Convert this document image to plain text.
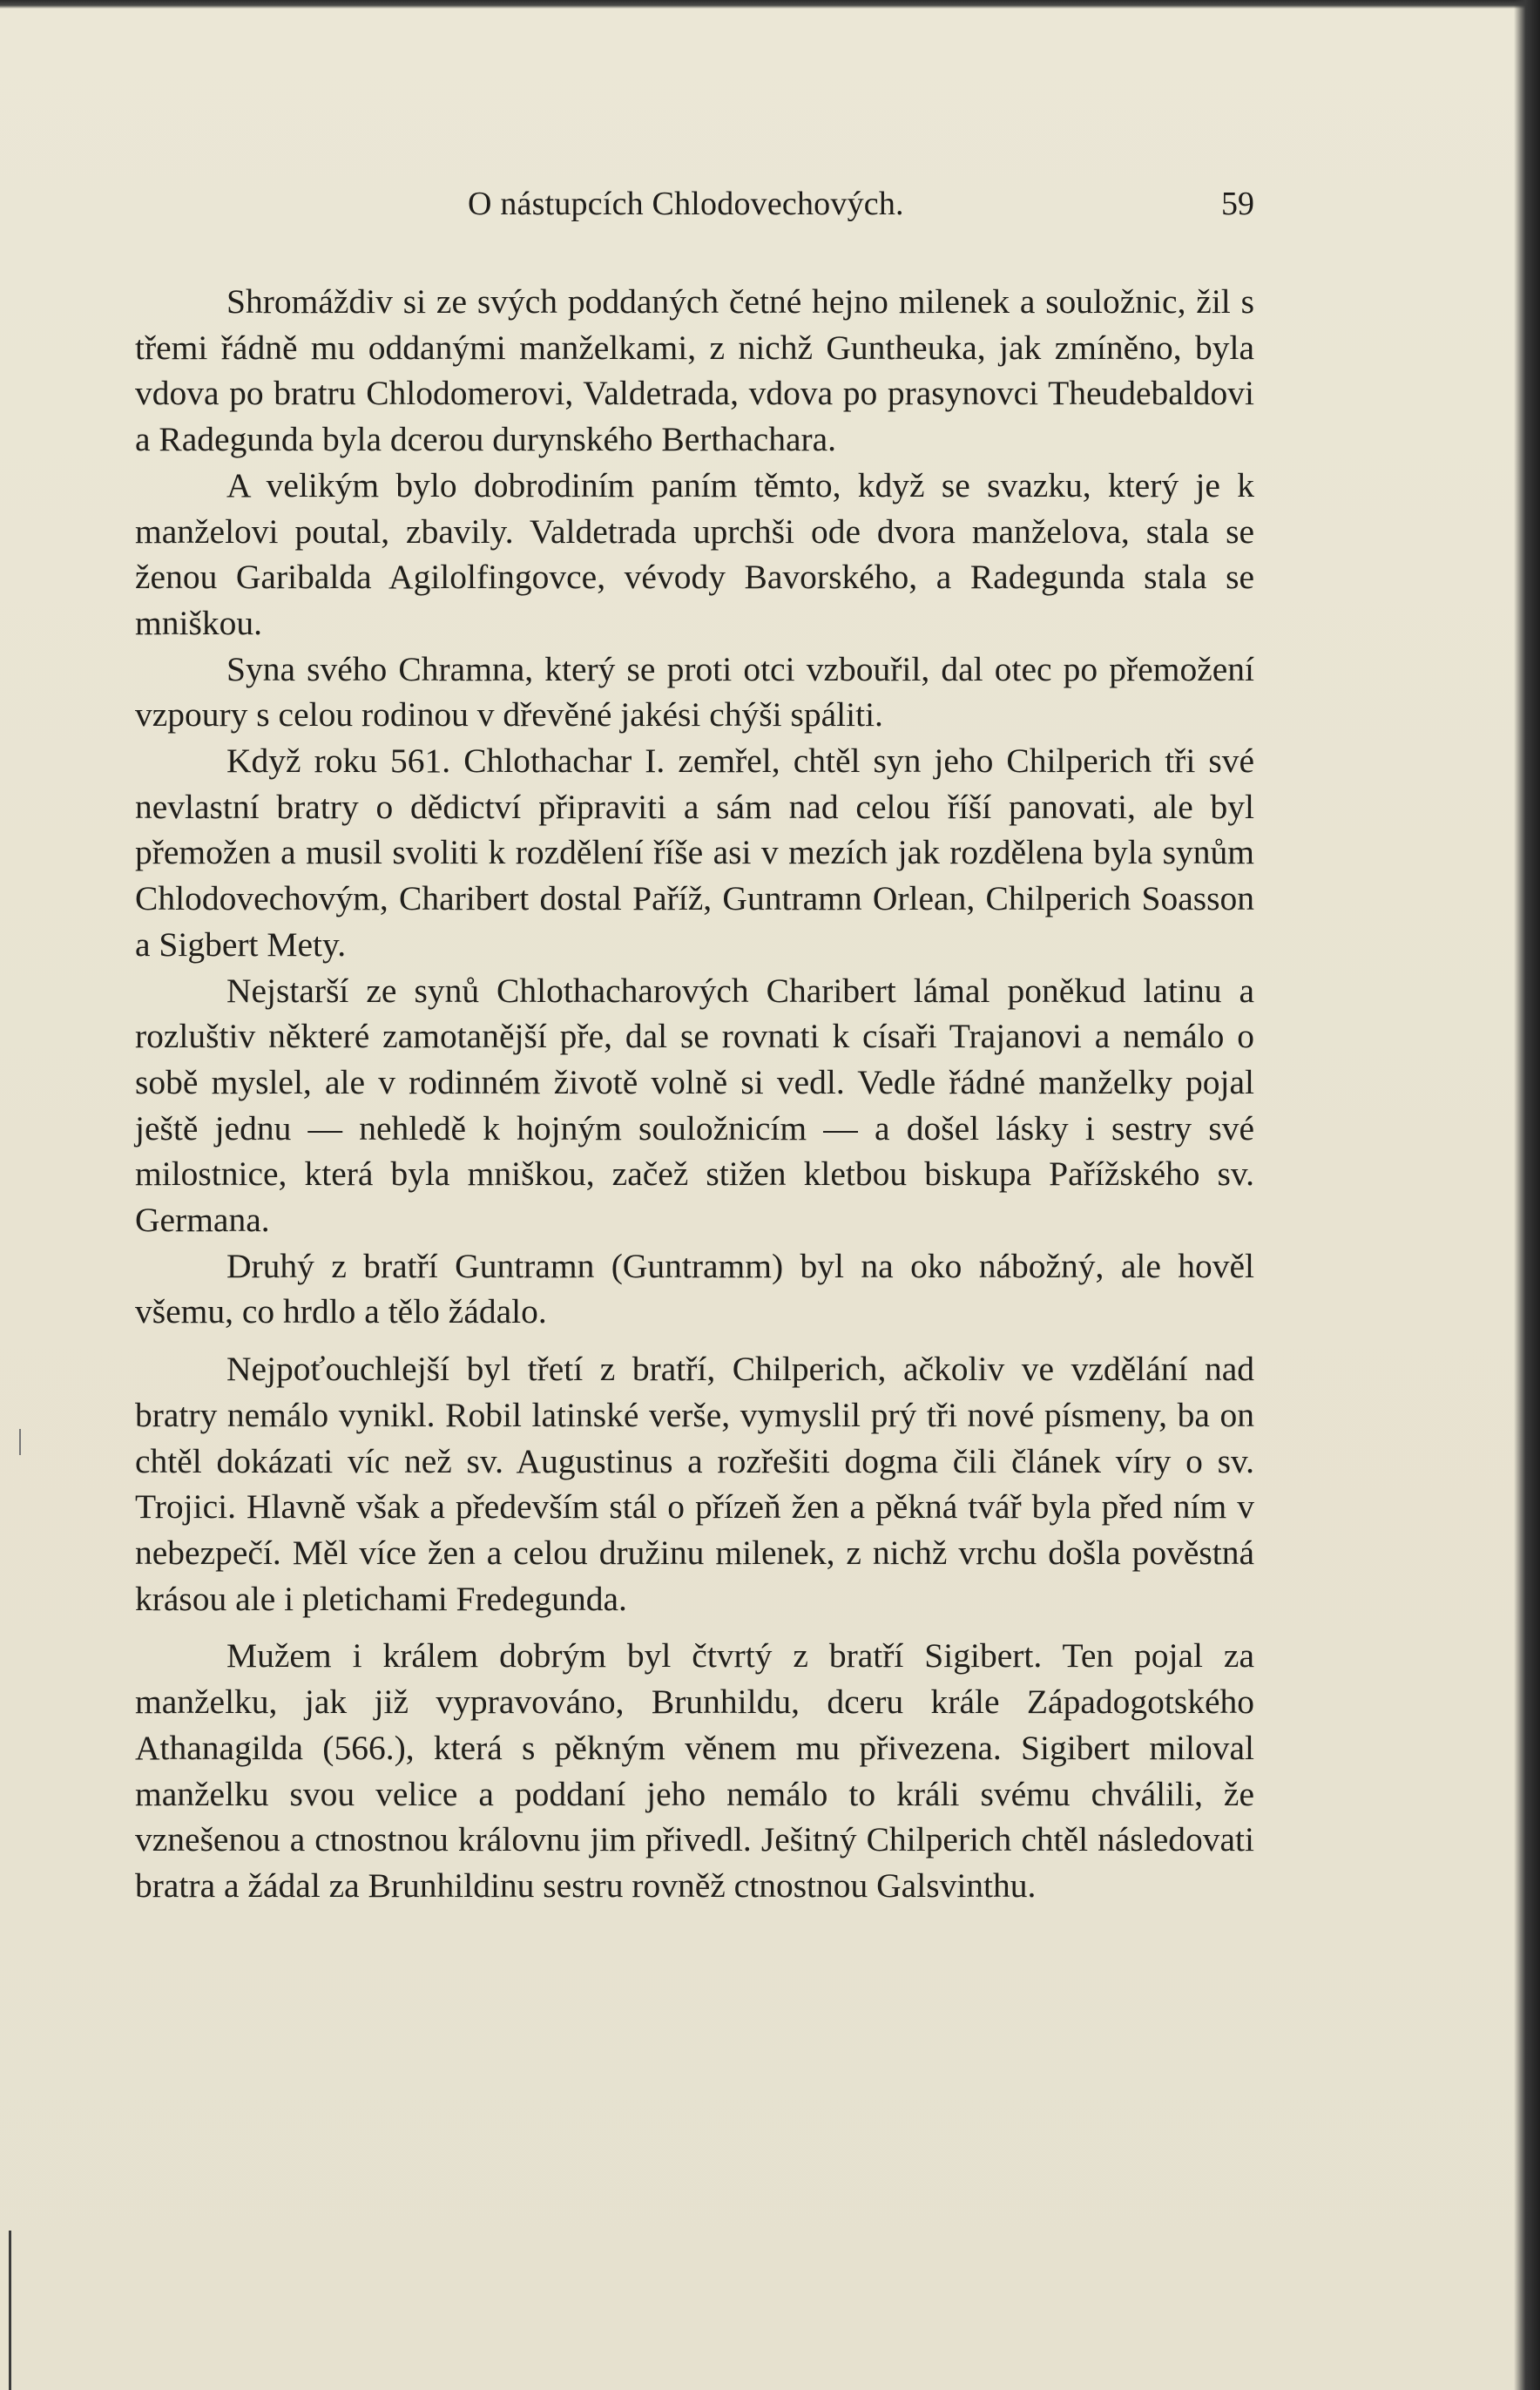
O nástupcích Chlodovechových.	59

Shromáždiv si ze svých poddaných četné hejno milenek a souložnic, žil s třemi řádně mu oddanými manželkami, z nichž Guntheuka, jak zmíněno, byla vdova po bratru Chlodomerovi, Valdetrada, vdova po prasynovci Theudebaldovi a Radegunda byla dcerou durynského Berthachara.

A velikým bylo dobrodiním paním těmto, když se svazku, který je k manželovi poutal, zbavily. Valdetrada uprchši ode dvora manželova, stala se ženou Garibalda Agilolfingovce, vévody Bavorského, a Radegunda stala se mniškou.

Syna svého Chramna, který se proti otci vzbouřil, dal otec po přemožení vzpoury s celou rodinou v dřevěné jakési chýši spáliti.

Když roku 561. Chlothachar I. zemřel, chtěl syn jeho Chilperich tři své nevlastní bratry o dědictví připraviti a sám nad celou říší panovati, ale byl přemožen a musil svoliti k rozdělení říše asi v mezích jak rozdělena byla synům Chlodovechovým, Charibert dostal Paříž, Guntramn Orlean, Chilperich Soasson a Sigbert Mety.

Nejstarší ze synů Chlothacharových Charibert lámal poněkud latinu a rozluštiv některé zamotanější pře, dal se rovnati k císaři Trajanovi a nemálo o sobě myslel, ale v rodinném životě volně si vedl. Vedle řádné manželky pojal ještě jednu — nehledě k hojným souložnicím — a došel lásky i sestry své milostnice, která byla mniškou, začež stižen kletbou biskupa Pařížského sv. Germana.

Druhý z bratří Guntramn (Guntramm) byl na oko nábožný, ale hověl všemu, co hrdlo a tělo žádalo.

Nejpoťouchlejší byl třetí z bratří, Chilperich, ačkoliv ve vzdělání nad bratry nemálo vynikl. Robil latinské verše, vymyslil prý tři nové písmeny, ba on chtěl dokázati víc než sv. Augustinus a rozřešiti dogma čili článek víry o sv. Trojici. Hlavně však a především stál o přízeň žen a pěkná tvář byla před ním v nebezpečí. Měl více žen a celou družinu milenek, z nichž vrchu došla pověstná krásou ale i pletichami Fredegunda.

Mužem i králem dobrým byl čtvrtý z bratří Sigibert. Ten pojal za manželku, jak již vypravováno, Brunhildu, dceru krále Západogotského Athanagilda (566.), která s pěkným věnem mu přivezena. Sigibert miloval manželku svou velice a poddaní jeho nemálo to králi svému chválili, že vznešenou a ctnostnou královnu jim přivedl. Ješitný Chilperich chtěl následovati bratra a žádal za Brunhildinu sestru rovněž ctnostnou Galsvinthu.
